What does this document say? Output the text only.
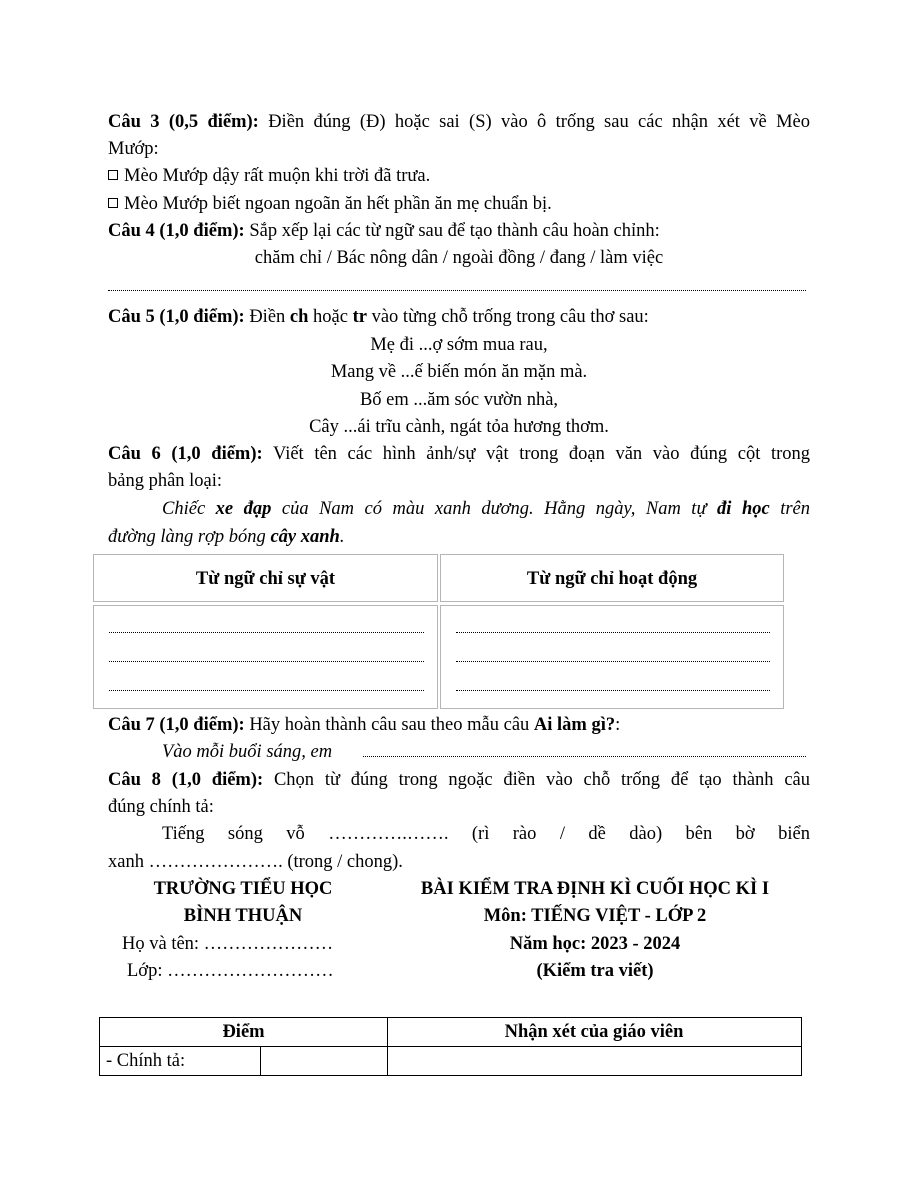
Câu 3 (0,5 điểm): Điền đúng (Đ) hoặc sai (S) vào ô trống sau các nhận xét về Mèo
Mướp:
Mèo Mướp dậy rất muộn khi trời đã trưa.
Mèo Mướp biết ngoan ngoãn ăn hết phần ăn mẹ chuẩn bị.
Câu 4 (1,0 điểm): Sắp xếp lại các từ ngữ sau để tạo thành câu hoàn chỉnh:
chăm chỉ / Bác nông dân / ngoài đồng / đang / làm việc
Câu 5 (1,0 điểm): Điền ch hoặc tr vào từng chỗ trống trong câu thơ sau:
Mẹ đi ...ợ sớm mua rau,
Mang về ...ế biến món ăn mặn mà.
Bố em ...ăm sóc vườn nhà,
Cây ...ái trĩu cành, ngát tỏa hương thơm.
Câu 6 (1,0 điểm): Viết tên các hình ảnh/sự vật trong đoạn văn vào đúng cột trong
bảng phân loại:
Chiếc xe đạp của Nam có màu xanh dương. Hằng ngày, Nam tự đi học trên
đường làng rợp bóng cây xanh.
Từ ngữ chỉ sự vật	Từ ngữ chỉ hoạt động
Câu 7 (1,0 điểm): Hãy hoàn thành câu sau theo mẫu câu Ai làm gì?:
Vào mỗi buổi sáng, em
Câu 8 (1,0 điểm): Chọn từ đúng trong ngoặc điền vào chỗ trống để tạo thành câu
đúng chính tả:
Tiếng sóng vỗ ………….……. (rì rào / dề dào) bên bờ biển
xanh …………………. (trong / chong).
TRƯỜNG TIỂU HỌC
BÌNH THUẬN
Họ và tên: …………………
Lớp: ………………………
BÀI KIỂM TRA ĐỊNH KÌ CUỐI HỌC KÌ I
Môn: TIẾNG VIỆT - LỚP 2
Năm học: 2023 - 2024
(Kiểm tra viết)
Điểm	Nhận xét của giáo viên
- Chính tả:
